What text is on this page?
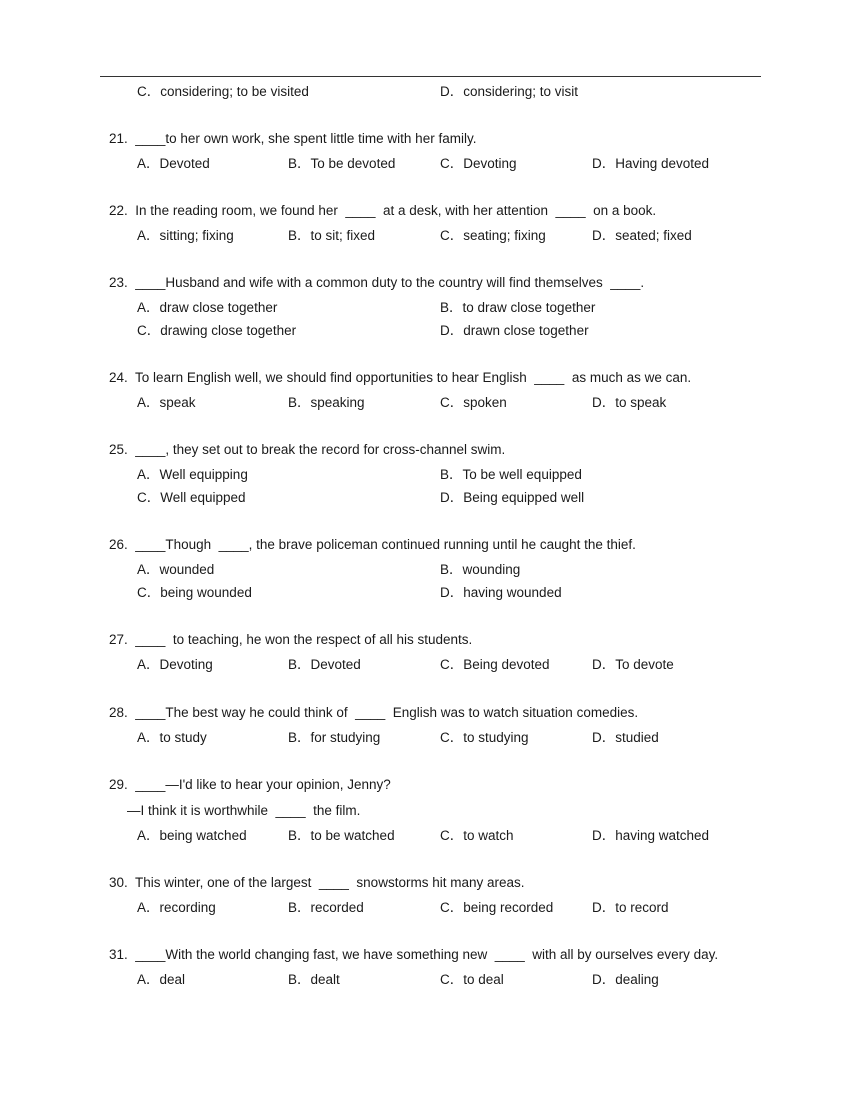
C．considering; to be visited	D．considering; to visit
21. ____to her own work, she spent little time with her family.
A．Devoted	B．To be devoted	C．Devoting	D．Having devoted
22. In the reading room, we found her  ____  at a desk, with her attention  ____  on a book.
A．sitting; fixing	B．to sit; fixed	C．seating; fixing	D．seated; fixed
23. ____Husband and wife with a common duty to the country will find themselves  ____.
A．draw close together	B．to draw close together
C．drawing close together	D．drawn close together
24. To learn English well, we should find opportunities to hear English  ____  as much as we can.
A．speak	B．speaking	C．spoken	D．to speak
25. ____, they set out to break the record for cross-channel swim.
A．Well equipping	B．To be well equipped
C．Well equipped	D．Being equipped well
26. ____Though  ____, the brave policeman continued running until he caught the thief.
A．wounded	B．wounding
C．being wounded	D．having wounded
27. ____  to teaching, he won the respect of all his students.
A．Devoting	B．Devoted	C．Being devoted	D．To devote
28. ____The best way he could think of  ____  English was to watch situation comedies.
A．to study	B．for studying	C．to studying	D．studied
29. ____—I'd like to hear your opinion, Jenny?
—I think it is worthwhile  ____  the film.
A．being watched	B．to be watched	C．to watch	D．having watched
30. This winter, one of the largest  ____  snowstorms hit many areas.
A．recording	B．recorded	C．being recorded	D．to record
31. ____With the world changing fast, we have something new  ____  with all by ourselves every day.
A．deal	B．dealt	C．to deal	D．dealing
